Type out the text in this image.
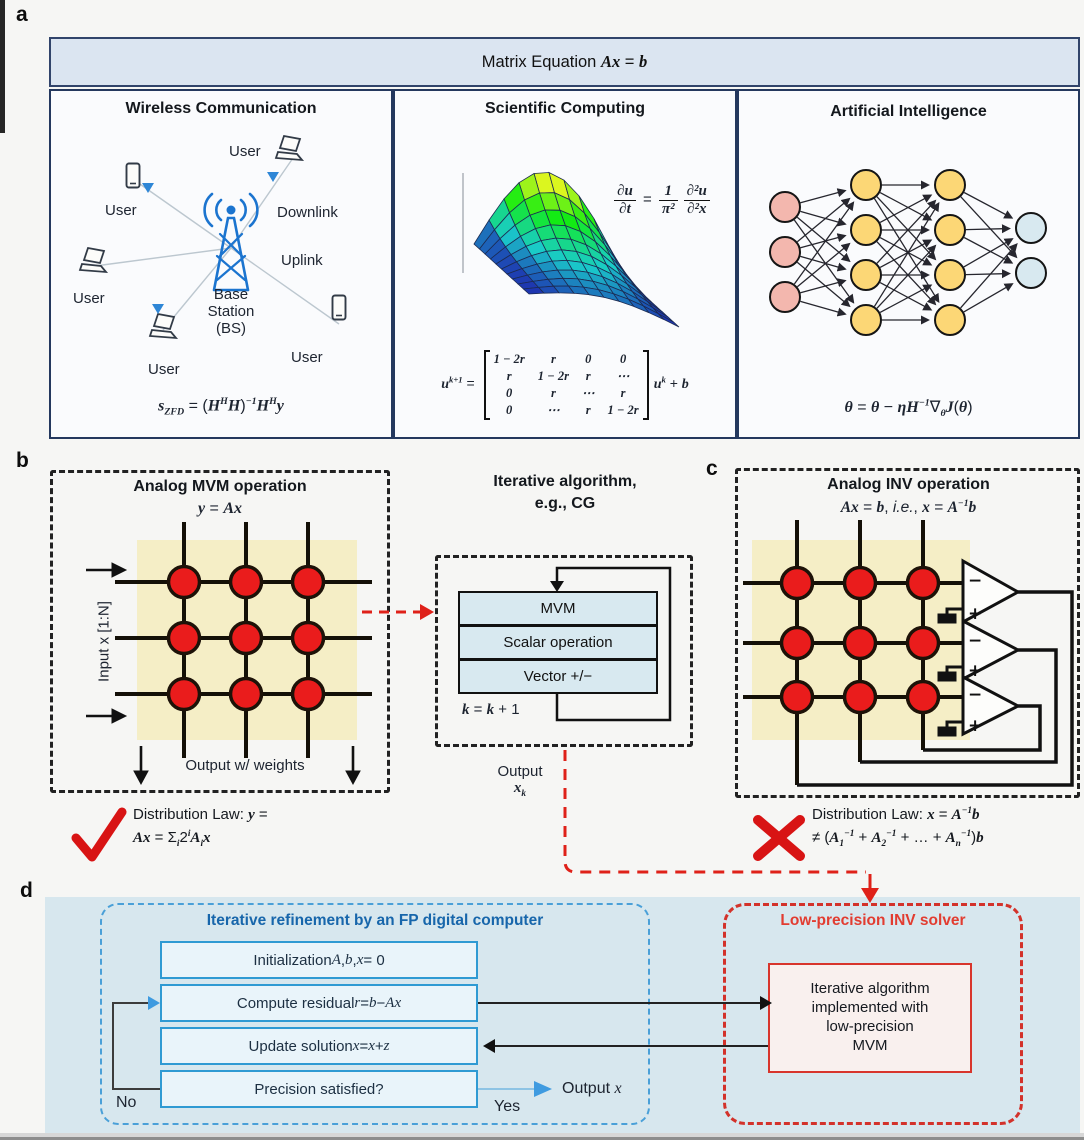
a
b	c
d
Matrix Equation Ax = b
Wireless Communication	Scientific Computing	Artificial Intelligence
User
User	Downlink
Uplink
User	Base
Station
(BS)
User
User
$s_{ZFD} = (H^HH)^{-1}H^Hy$
$\frac{\partial u}{\partial t} = \frac{1}{\text{π²}} \frac{\text{∂²u}}{\text{∂²x}}$
$u^{k+1}$ =
1 − 2r	r	0	0
r	1 − 2r	r	⋯
0	r	⋯	r
0	⋯	r	1 − 2r
$u^k + b$
$\theta = \theta - \eta H^{-1}\nabla_\theta J(\theta)$
Analog MVM operation
y = Ax
Input x [1:N]
Output w/ weights
Distribution Law: y =
$Ax = \Sigma_i2^iA_ix$
Iterative algorithm,
e.g., CG
MVM
Scalar operation
Vector +/−
k = k + 1
Output
$x_k$
Analog INV operation
Ax = b, i.e., $x = A^{-1}b$
−
+
−
+
−
+
Distribution Law: $x = A^{-1}b$
≠ ($A_1^{-1} + A_2^{-1}$ + … + $A_n^{-1})b$
Iterative refinement by an FP digital computer
Initialization A , b , x = 0
Compute residual r = b − Ax
Update solution x = x + z
Precision satisfied?
No	Yes
Output x
Low-precision INV solver
Iterative algorithm
implemented with
low-precision
MVM
